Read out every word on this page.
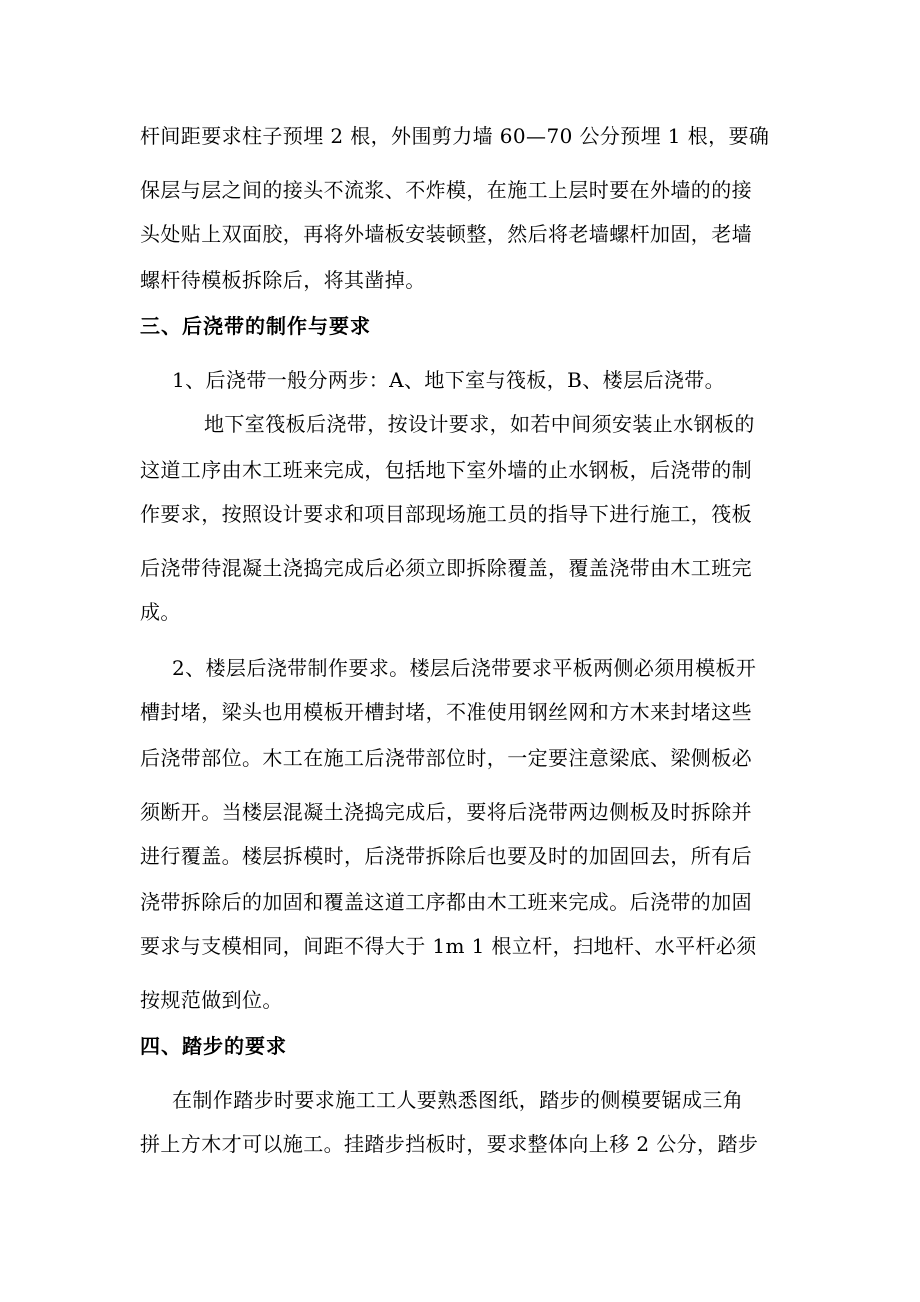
杆间距要求柱子预埋 2 根，外围剪力墙 60—70 公分预埋 1 根，要确
保层与层之间的接头不流浆、不炸模，在施工上层时要在外墙的的接
头处贴上双面胶，再将外墙板安装顿整，然后将老墙螺杆加固，老墙
螺杆待模板拆除后，将其凿掉。
三、后浇带的制作与要求
1、后浇带一般分两步：A、地下室与筏板，B、楼层后浇带。
地下室筏板后浇带，按设计要求，如若中间须安装止水钢板的
这道工序由木工班来完成，包括地下室外墙的止水钢板，后浇带的制
作要求，按照设计要求和项目部现场施工员的指导下进行施工，筏板
后浇带待混凝土浇捣完成后必须立即拆除覆盖，覆盖浇带由木工班完
成。
2、楼层后浇带制作要求。楼层后浇带要求平板两侧必须用模板开
槽封堵，梁头也用模板开槽封堵，不准使用钢丝网和方木来封堵这些
后浇带部位。木工在施工后浇带部位时，一定要注意梁底、梁侧板必
须断开。当楼层混凝土浇捣完成后，要将后浇带两边侧板及时拆除并
进行覆盖。楼层拆模时，后浇带拆除后也要及时的加固回去，所有后
浇带拆除后的加固和覆盖这道工序都由木工班来完成。后浇带的加固
要求与支模相同，间距不得大于 1m 1 根立杆，扫地杆、水平杆必须
按规范做到位。
四、踏步的要求
在制作踏步时要求施工工人要熟悉图纸，踏步的侧模要锯成三角
拼上方木才可以施工。挂踏步挡板时，要求整体向上移 2 公分，踏步
